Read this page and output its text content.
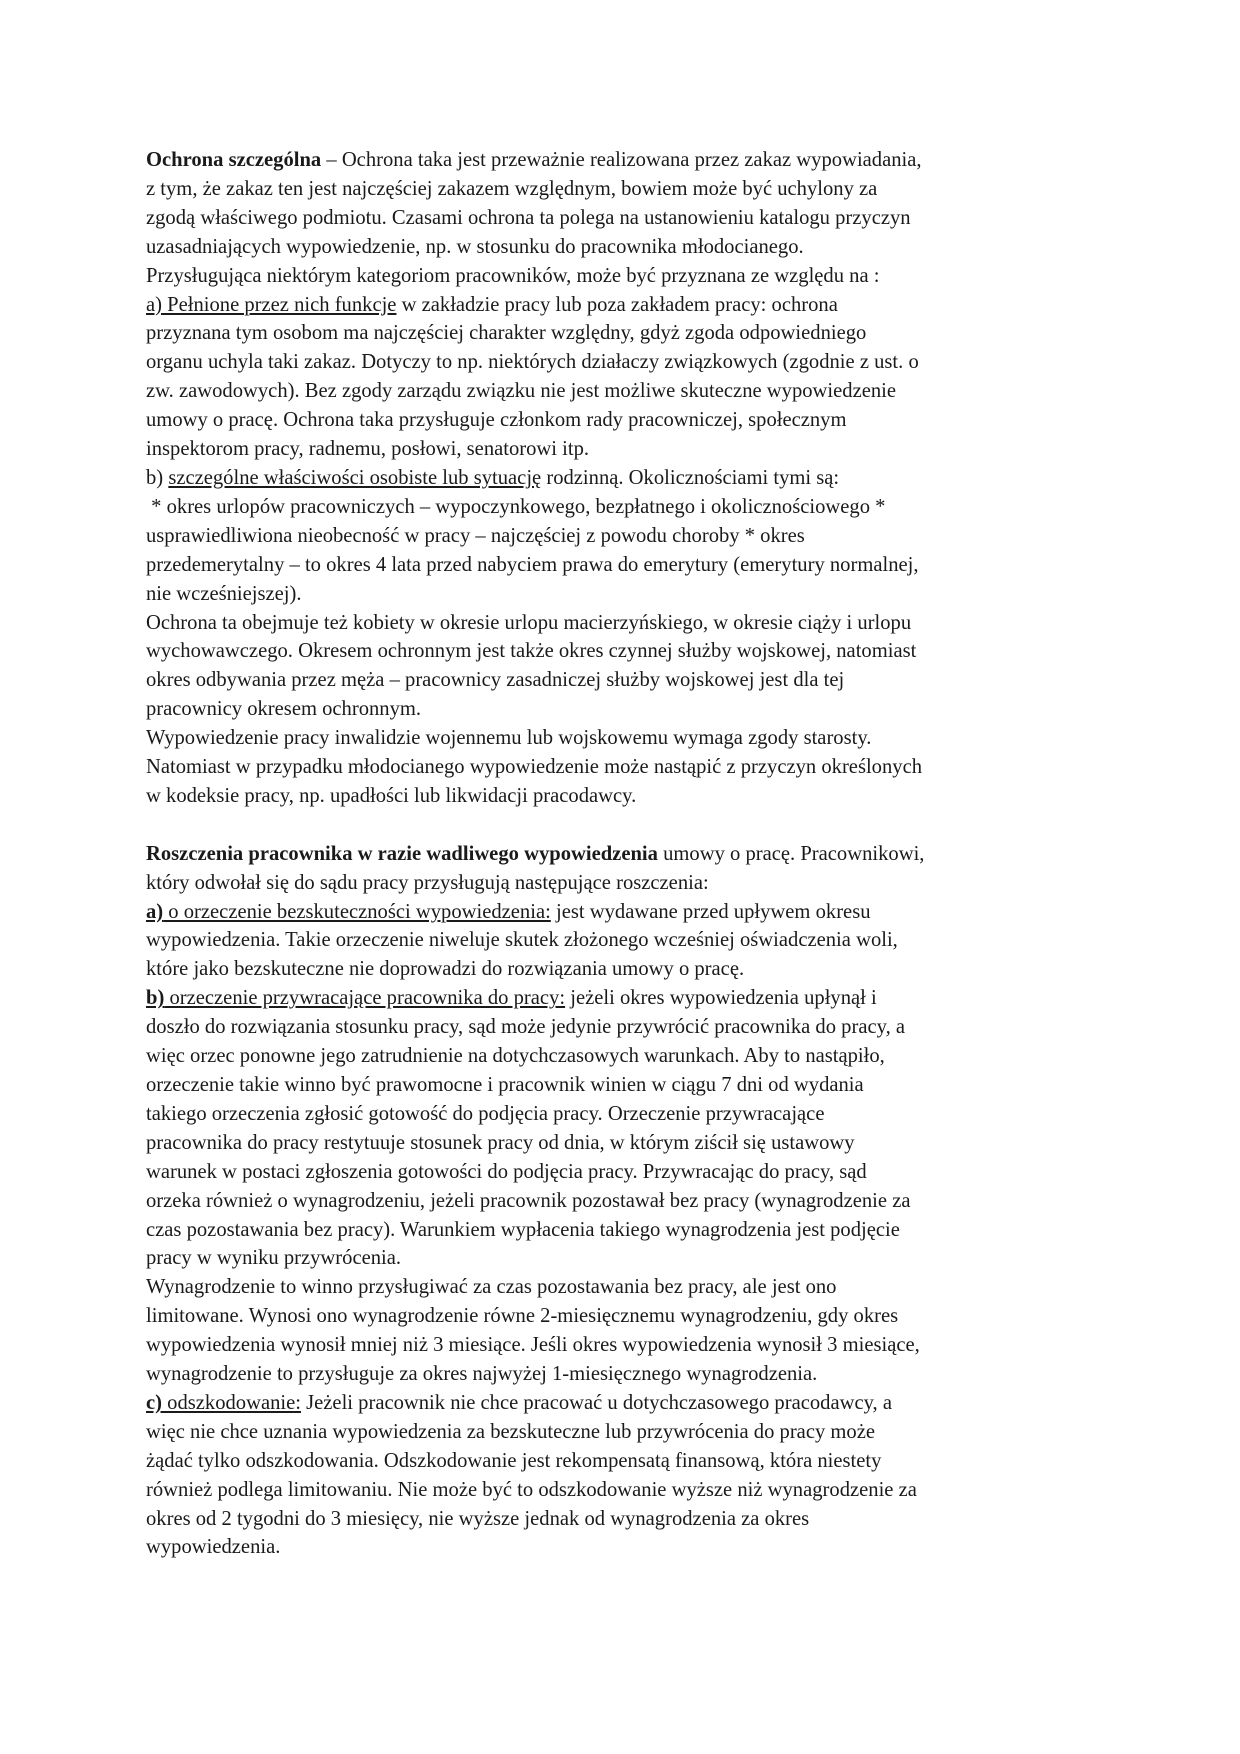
Ochrona szczególna – Ochrona taka jest przeważnie realizowana przez zakaz wypowiadania,
z tym, że zakaz ten jest najczęściej zakazem względnym, bowiem może być uchylony za
zgodą właściwego podmiotu. Czasami ochrona ta polega na ustanowieniu katalogu przyczyn
uzasadniających wypowiedzenie, np. w stosunku do pracownika młodocianego.
Przysługująca niektórym kategoriom pracowników, może być przyznana ze względu na :
a) Pełnione przez nich funkcje w zakładzie pracy lub poza zakładem pracy: ochrona
przyznana tym osobom ma najczęściej charakter względny, gdyż zgoda odpowiedniego
organu uchyla taki zakaz. Dotyczy to np. niektórych działaczy związkowych (zgodnie z ust. o
zw. zawodowych). Bez zgody zarządu związku nie jest możliwe skuteczne wypowiedzenie
umowy o pracę. Ochrona taka przysługuje członkom rady pracowniczej, społecznym
inspektorom pracy, radnemu, posłowi, senatorowi itp.
b) szczególne właściwości osobiste lub sytuację rodzinną. Okolicznościami tymi są:
* okres urlopów pracowniczych – wypoczynkowego, bezpłatnego i okolicznościowego *
usprawiedliwiona nieobecność w pracy – najczęściej z powodu choroby * okres
przedemerytalny – to okres 4 lata przed nabyciem prawa do emerytury (emerytury normalnej,
nie wcześniejszej).
Ochrona ta obejmuje też kobiety w okresie urlopu macierzyńskiego, w okresie ciąży i urlopu
wychowawczego. Okresem ochronnym jest także okres czynnej służby wojskowej, natomiast
okres odbywania przez męża – pracownicy zasadniczej służby wojskowej jest dla tej
pracownicy okresem ochronnym.
Wypowiedzenie pracy inwalidzie wojennemu lub wojskowemu wymaga zgody starosty.
Natomiast w przypadku młodocianego wypowiedzenie może nastąpić z przyczyn określonych
w kodeksie pracy, np. upadłości lub likwidacji pracodawcy.
Roszczenia pracownika w razie wadliwego wypowiedzenia umowy o pracę. Pracownikowi,
który odwołał się do sądu pracy przysługują następujące roszczenia:
a) o orzeczenie bezskuteczności wypowiedzenia: jest wydawane przed upływem okresu
wypowiedzenia. Takie orzeczenie niweluje skutek złożonego wcześniej oświadczenia woli,
które jako bezskuteczne nie doprowadzi do rozwiązania umowy o pracę.
b) orzeczenie przywracające pracownika do pracy: jeżeli okres wypowiedzenia upłynął i
doszło do rozwiązania stosunku pracy, sąd może jedynie przywrócić pracownika do pracy, a
więc orzec ponowne jego zatrudnienie na dotychczasowych warunkach. Aby to nastąpiło,
orzeczenie takie winno być prawomocne i pracownik winien w ciągu 7 dni od wydania
takiego orzeczenia zgłosić gotowość do podjęcia pracy. Orzeczenie przywracające
pracownika do pracy restytuuje stosunek pracy od dnia, w którym ziścił się ustawowy
warunek w postaci zgłoszenia gotowości do podjęcia pracy. Przywracając do pracy, sąd
orzeka również o wynagrodzeniu, jeżeli pracownik pozostawał bez pracy (wynagrodzenie za
czas pozostawania bez pracy). Warunkiem wypłacenia takiego wynagrodzenia jest podjęcie
pracy w wyniku przywrócenia.
Wynagrodzenie to winno przysługiwać za czas pozostawania bez pracy, ale jest ono
limitowane. Wynosi ono wynagrodzenie równe 2-miesięcznemu wynagrodzeniu, gdy okres
wypowiedzenia wynosił mniej niż 3 miesiące. Jeśli okres wypowiedzenia wynosił 3 miesiące,
wynagrodzenie to przysługuje za okres najwyżej 1-miesięcznego wynagrodzenia.
c) odszkodowanie: Jeżeli pracownik nie chce pracować u dotychczasowego pracodawcy, a
więc nie chce uznania wypowiedzenia za bezskuteczne lub przywrócenia do pracy może
żądać tylko odszkodowania. Odszkodowanie jest rekompensatą finansową, która niestety
również podlega limitowaniu. Nie może być to odszkodowanie wyższe niż wynagrodzenie za
okres od 2 tygodni do 3 miesięcy, nie wyższe jednak od wynagrodzenia za okres
wypowiedzenia.
